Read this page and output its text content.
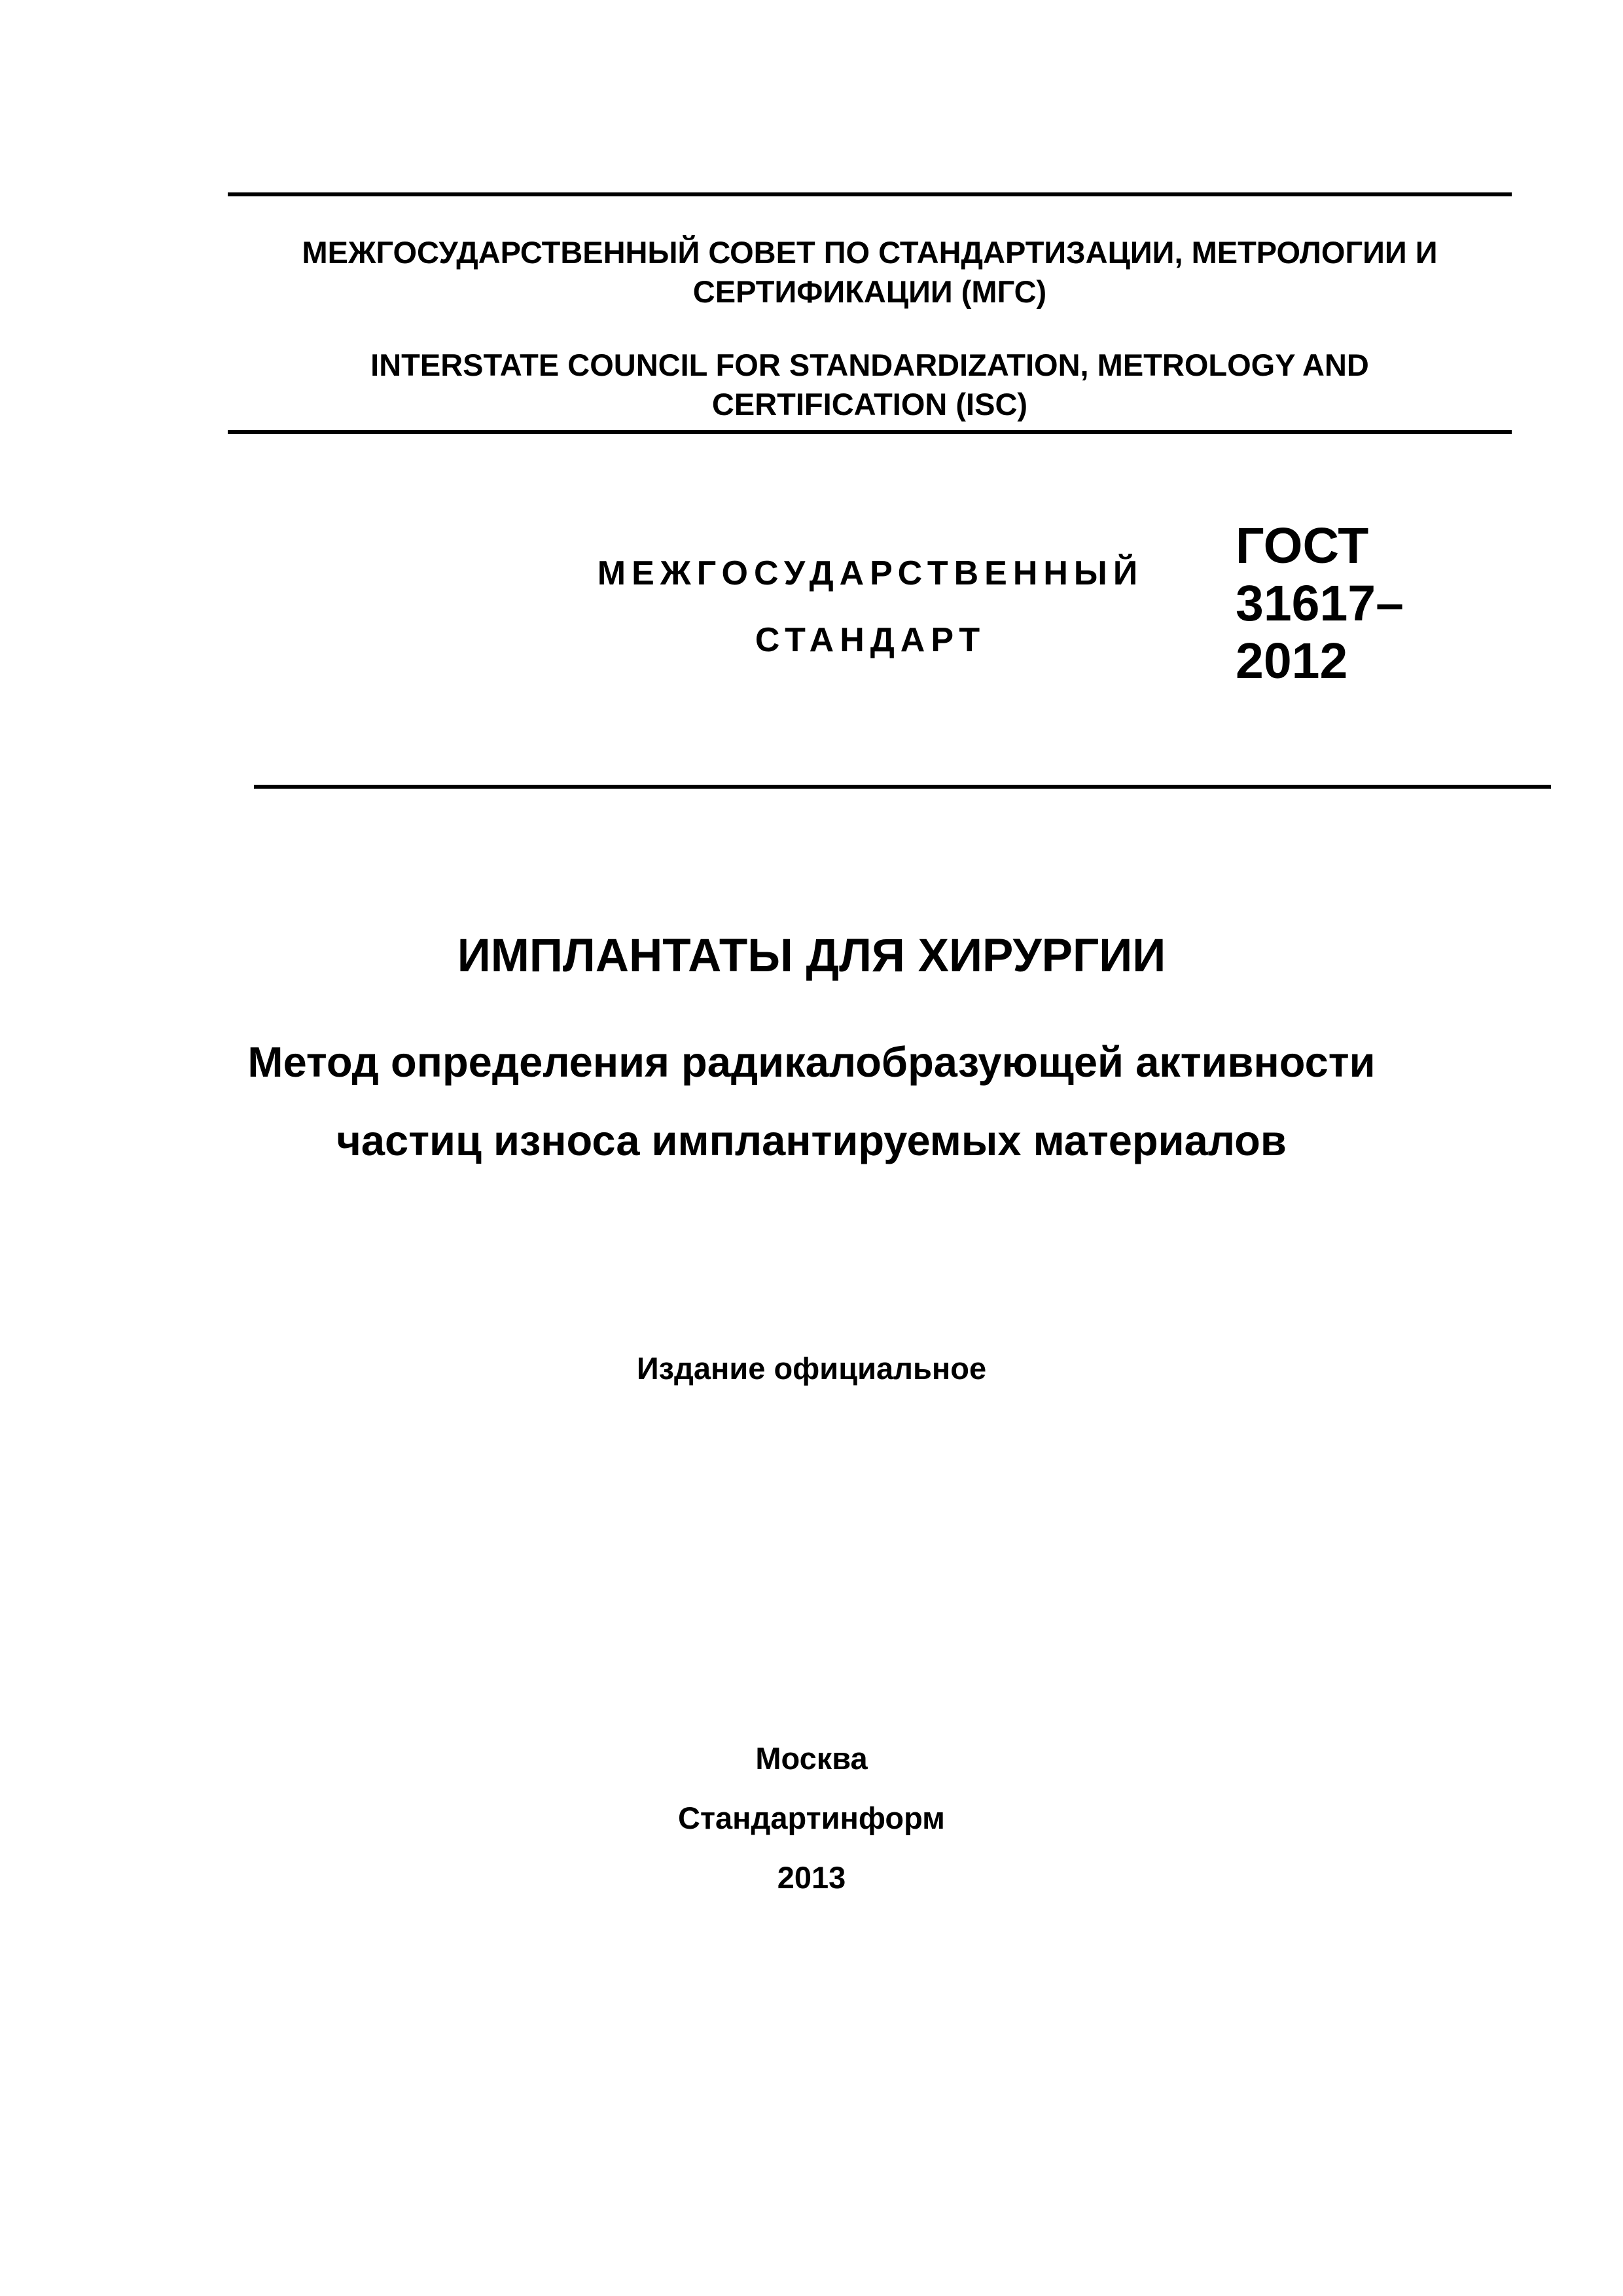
МЕЖГОСУДАРСТВЕННЫЙ СОВЕТ ПО СТАНДАРТИЗАЦИИ, МЕТРОЛОГИИ И
СЕРТИФИКАЦИИ (МГС)
INTERSTATE COUNCIL FOR STANDARDIZATION, METROLOGY AND
CERTIFICATION (ISC)
МЕЖГОСУДАРСТВЕННЫЙ
СТАНДАРТ
ГОСТ
31617–
2012
ИМПЛАНТАТЫ ДЛЯ ХИРУРГИИ
Метод определения радикалобразующей активности
частиц износа имплантируемых материалов
Издание официальное
Москва
Стандартинформ
2013
